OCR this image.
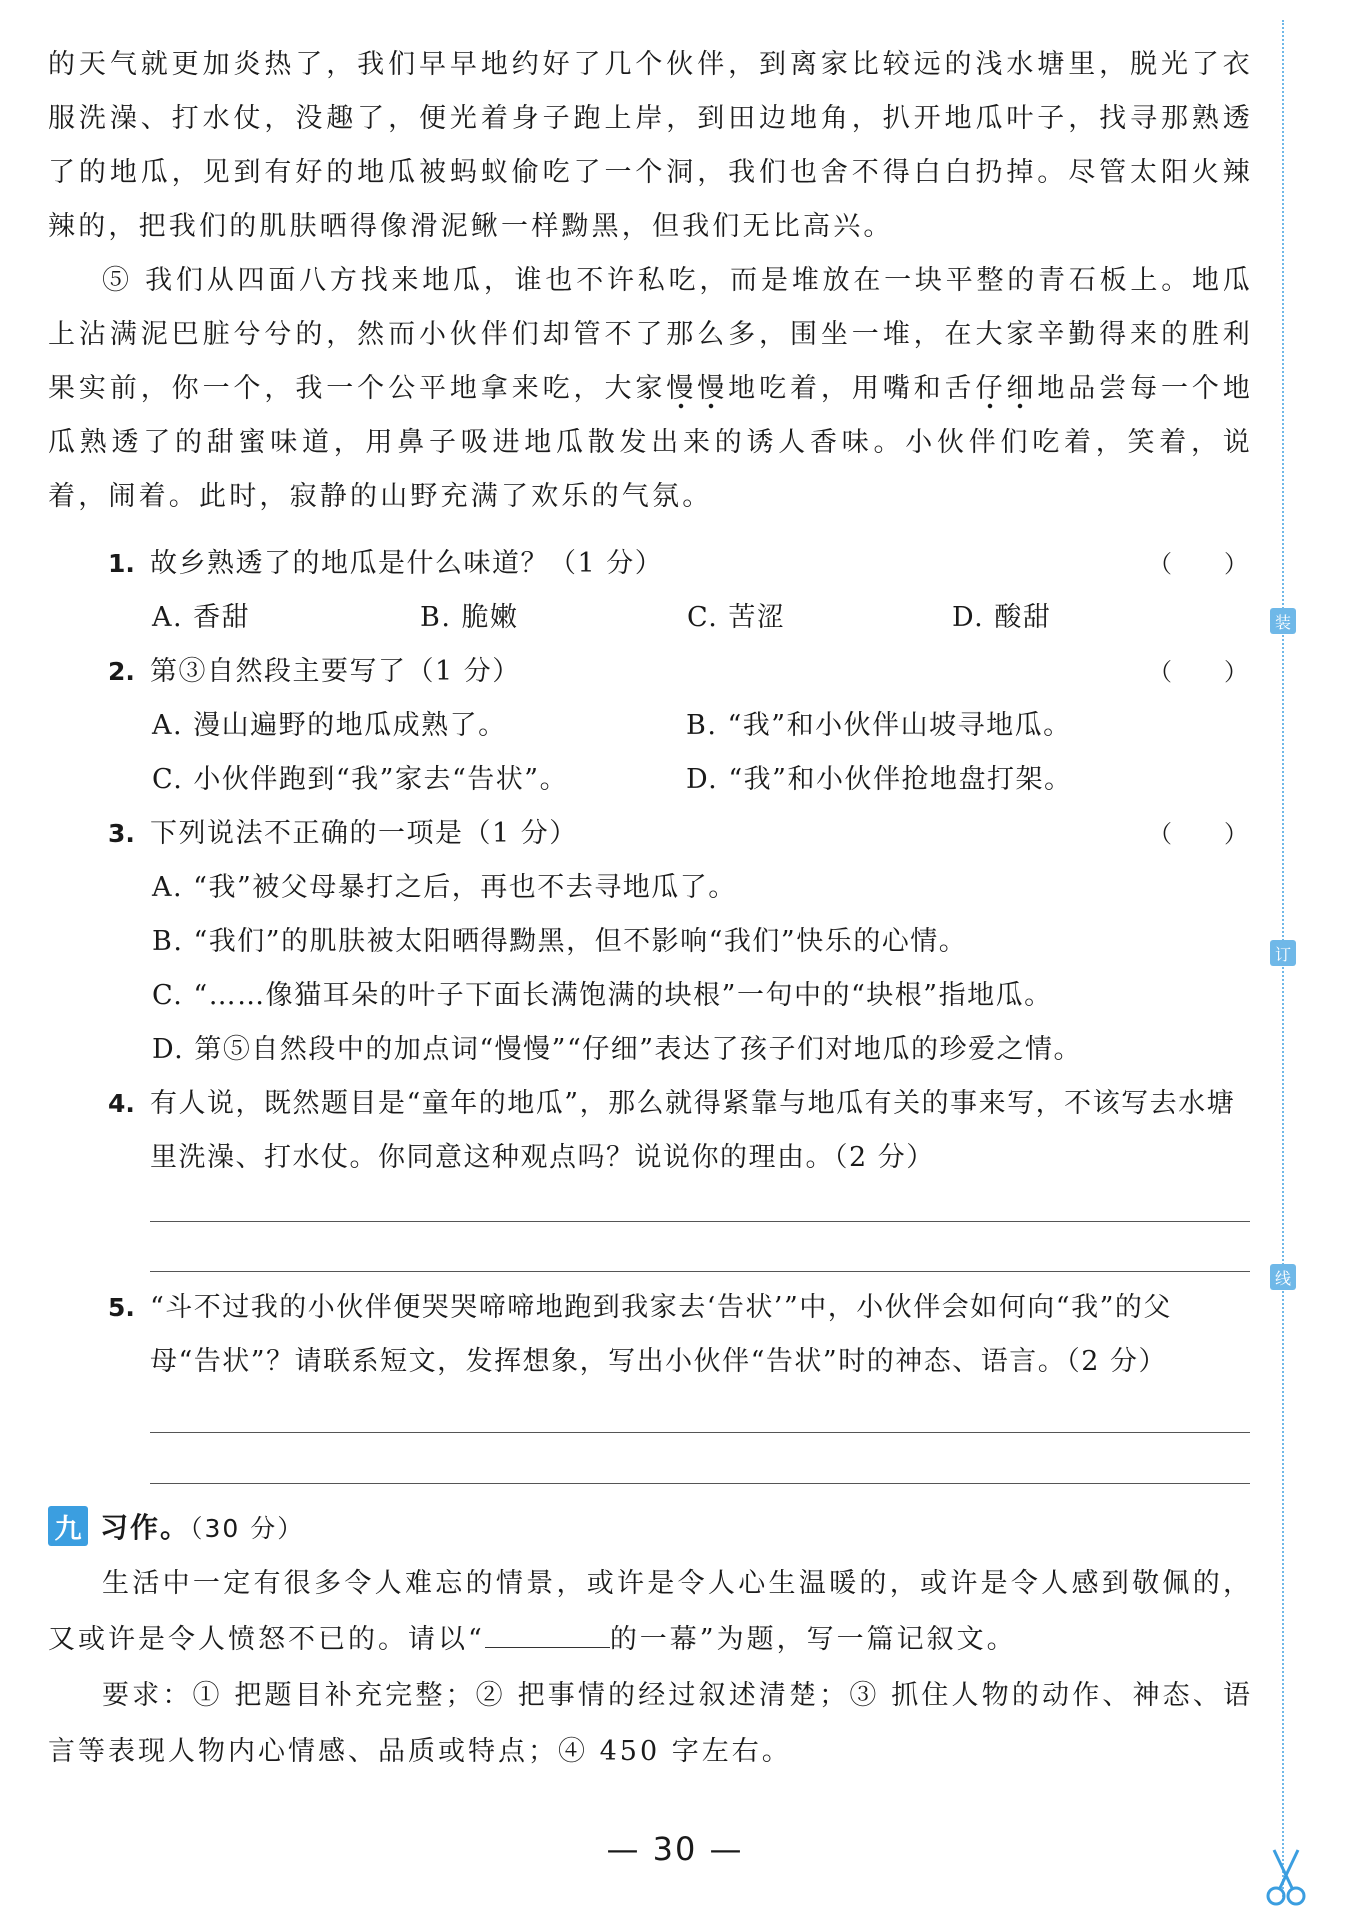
的天气就更加炎热了，我们早早地约好了几个伙伴，到离家比较远的浅水塘里，脱光了衣服洗澡、打水仗，没趣了，便光着身子跑上岸，到田边地角，扒开地瓜叶子，找寻那熟透了的地瓜，见到有好的地瓜被蚂蚁偷吃了一个洞，我们也舍不得白白扔掉。尽管太阳火辣辣的，把我们的肌肤晒得像滑泥鳅一样黝黑，但我们无比高兴。

⑤ 我们从四面八方找来地瓜，谁也不许私吃，而是堆放在一块平整的青石板上。地瓜上沾满泥巴脏兮兮的，然而小伙伴们却管不了那么多，围坐一堆，在大家辛勤得来的胜利果实前，你一个，我一个公平地拿来吃，大家慢慢地吃着，用嘴和舌仔细地品尝每一个地瓜熟透了的甜蜜味道，用鼻子吸进地瓜散发出来的诱人香味。小伙伴们吃着，笑着，说着，闹着。此时，寂静的山野充满了欢乐的气氛。

1. 故乡熟透了的地瓜是什么味道？（1 分）	（ ）
A. 香甜	B. 脆嫩	C. 苦涩	D. 酸甜
2. 第③自然段主要写了（1 分）	（ ）
A. 漫山遍野的地瓜成熟了。	B. “我”和小伙伴山坡寻地瓜。
C. 小伙伴跑到“我”家去“告状”。	D. “我”和小伙伴抢地盘打架。
3. 下列说法不正确的一项是（1 分）	（ ）
A. “我”被父母暴打之后，再也不去寻地瓜了。
B. “我们”的肌肤被太阳晒得黝黑，但不影响“我们”快乐的心情。
C. “……像猫耳朵的叶子下面长满饱满的块根”一句中的“块根”指地瓜。
D. 第⑤自然段中的加点词“慢慢”“仔细”表达了孩子们对地瓜的珍爱之情。
4. 有人说，既然题目是“童年的地瓜”，那么就得紧靠与地瓜有关的事来写，不该写去水塘里洗澡、打水仗。你同意这种观点吗？说说你的理由。（2 分）
5. “斗不过我的小伙伴便哭哭啼啼地跑到我家去‘告状’”中，小伙伴会如何向“我”的父母“告状”？请联系短文，发挥想象，写出小伙伴“告状”时的神态、语言。（2 分）
九 习作。（30 分）

生活中一定有很多令人难忘的情景，或许是令人心生温暖的，或许是令人感到敬佩的，又或许是令人愤怒不已的。请以“	的一幕”为题，写一篇记叙文。

要求：① 把题目补充完整；② 把事情的经过叙述清楚；③ 抓住人物的动作、神态、语言等表现人物内心情感、品质或特点；④ 450 字左右。

— 30 —
装
订
线
